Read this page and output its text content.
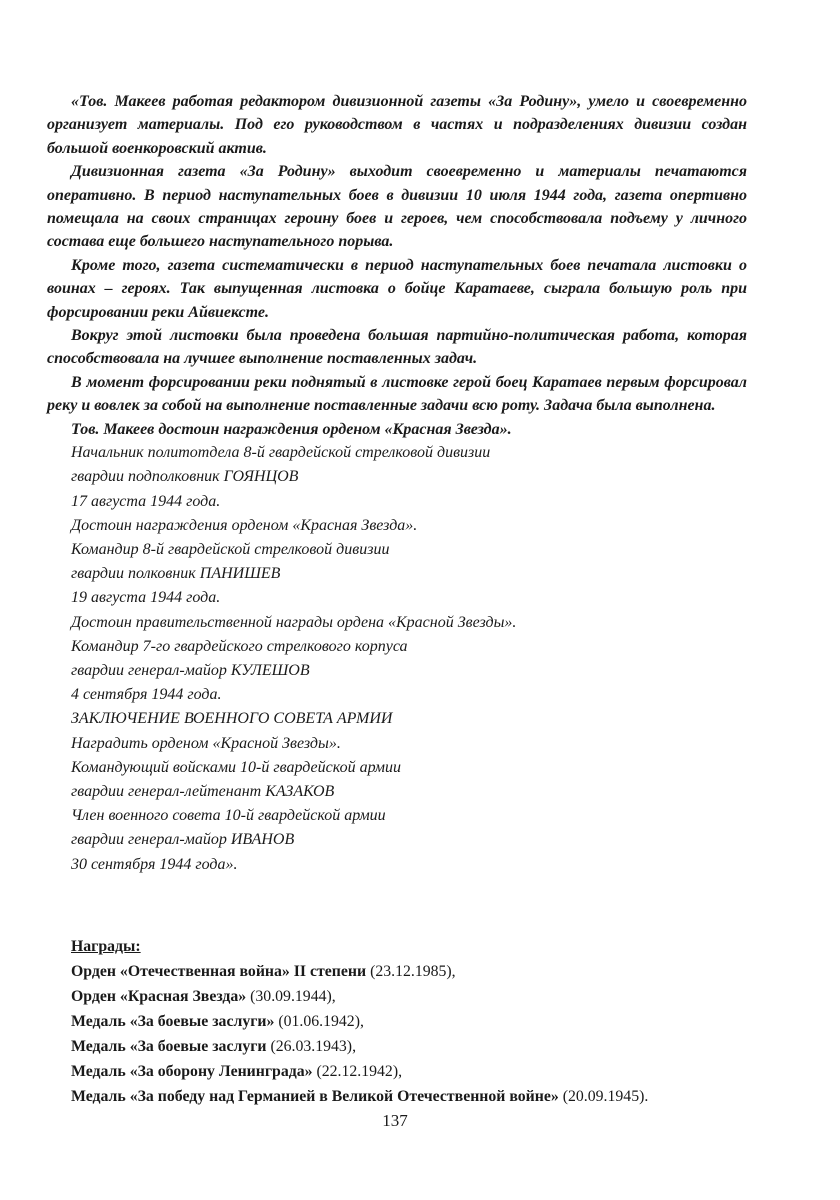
«Тов. Макеев работая редактором дивизионной газеты «За Родину», умело и своевременно организует материалы. Под его руководством в частях и подразделениях дивизии создан большой военкоровский актив.

Дивизионная газета «За Родину» выходит своевременно и материалы печатаются оперативно. В период наступательных боев в дивизии 10 июля 1944 года, газета опертивно помещала на своих страницах героину боев и героев, чем способствовала подъему у личного состава еще большего наступательного порыва.

Кроме того, газета систематически в период наступательных боев печатала листовки о воинах – героях. Так выпущенная листовка о бойце Каратаеве, сыграла большую роль при форсировании реки Айвиексте.

Вокруг этой листовки была проведена большая партийно-политическая работа, которая способствовала на лучшее выполнение поставленных задач.

В момент форсировании реки поднятый в листовке герой боец Каратаев первым форсировал реку и вовлек за собой на выполнение поставленные задачи всю роту. Задача была выполнена.

Тов. Макеев достоин награждения орденом «Красная Звезда».

Начальник политотдела 8-й гвардейской стрелковой дивизии

гвардии подполковник ГОЯНЦОВ

17 августа 1944 года.

Достоин награждения орденом «Красная Звезда».

Командир 8-й гвардейской стрелковой дивизии

гвардии полковник ПАНИШЕВ

19 августа 1944 года.

Достоин правительственной награды ордена «Красной Звезды».

Командир 7-го гвардейского стрелкового корпуса

гвардии генерал-майор КУЛЕШОВ

4 сентября 1944 года.

ЗАКЛЮЧЕНИЕ ВОЕННОГО СОВЕТА АРМИИ

Наградить орденом «Красной Звезды».

Командующий войсками 10-й гвардейской армии

гвардии генерал-лейтенант КАЗАКОВ

Член военного совета 10-й гвардейской армии

гвардии генерал-майор ИВАНОВ

30 сентября 1944 года».

Награды:

Орден «Отечественная война» II степени (23.12.1985),

Орден «Красная Звезда» (30.09.1944),

Медаль «За боевые заслуги» (01.06.1942),

Медаль «За боевые заслуги (26.03.1943),

Медаль «За оборону Ленинграда» (22.12.1942),

Медаль «За победу над Германией в Великой Отечественной войне» (20.09.1945).

137
